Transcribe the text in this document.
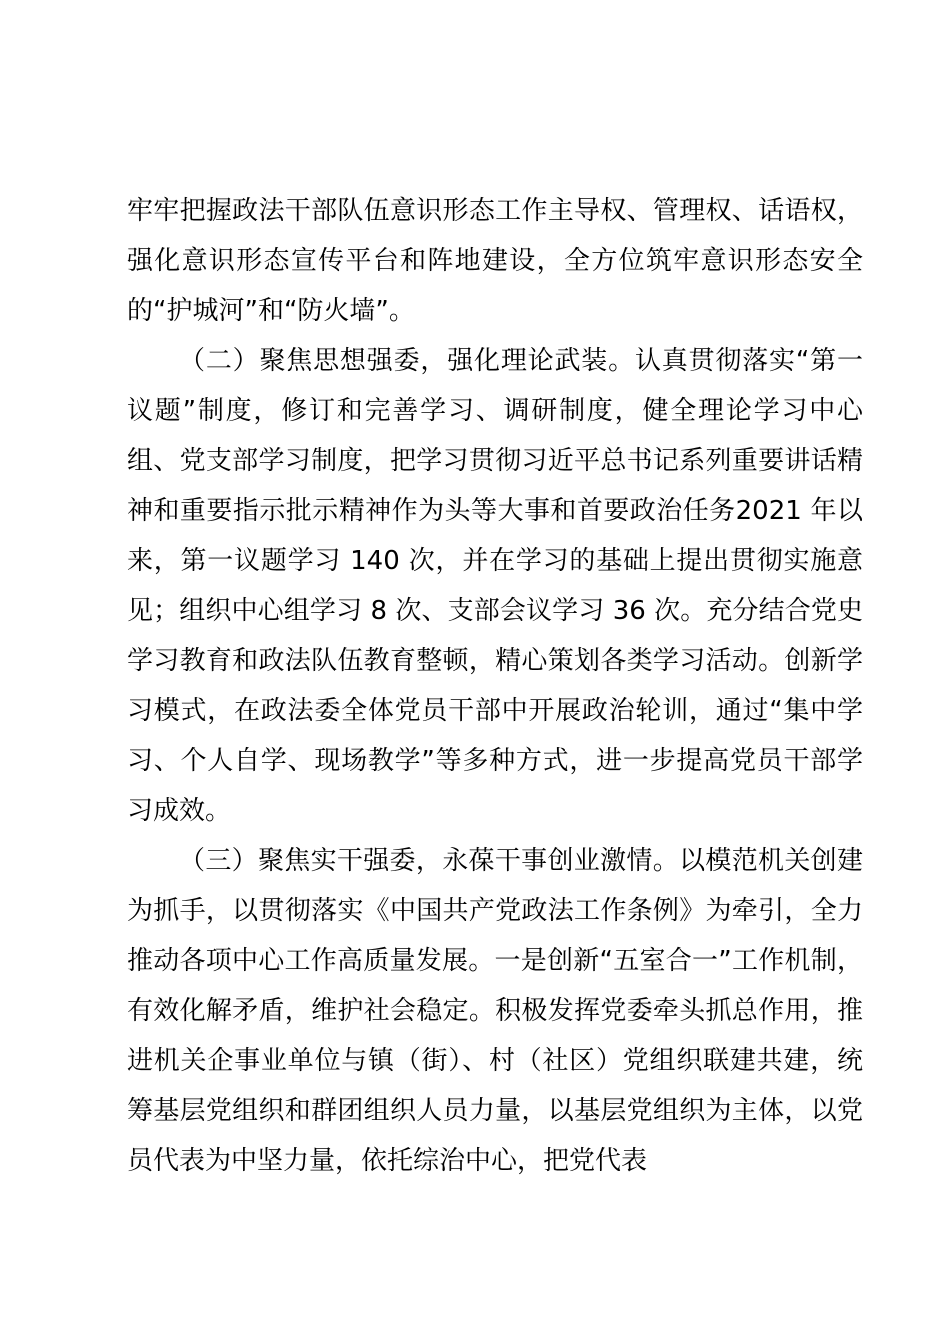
牢牢把握政法干部队伍意识形态工作主导权、管理权、话语权，强化意识形态宣传平台和阵地建设，全方位筑牢意识形态安全的“护城河”和“防火墙”。

（二）聚焦思想强委，强化理论武装。认真贯彻落实“第一议题”制度，修订和完善学习、调研制度，健全理论学习中心组、党支部学习制度，把学习贯彻习近平总书记系列重要讲话精神和重要指示批示精神作为头等大事和首要政治任务2021 年以来，第一议题学习 140 次，并在学习的基础上提出贯彻实施意见；组织中心组学习 8 次、支部会议学习 36 次。充分结合党史学习教育和政法队伍教育整顿，精心策划各类学习活动。创新学习模式，在政法委全体党员干部中开展政治轮训，通过“集中学习、个人自学、现场教学”等多种方式，进一步提高党员干部学习成效。

（三）聚焦实干强委，永葆干事创业激情。以模范机关创建为抓手，以贯彻落实《中国共产党政法工作条例》为牵引，全力推动各项中心工作高质量发展。一是创新“五室合一”工作机制，有效化解矛盾，维护社会稳定。积极发挥党委牵头抓总作用，推进机关企事业单位与镇（街）、村（社区）党组织联建共建，统筹基层党组织和群团组织人员力量，以基层党组织为主体，以党员代表为中坚力量，依托综治中心，把党代表
